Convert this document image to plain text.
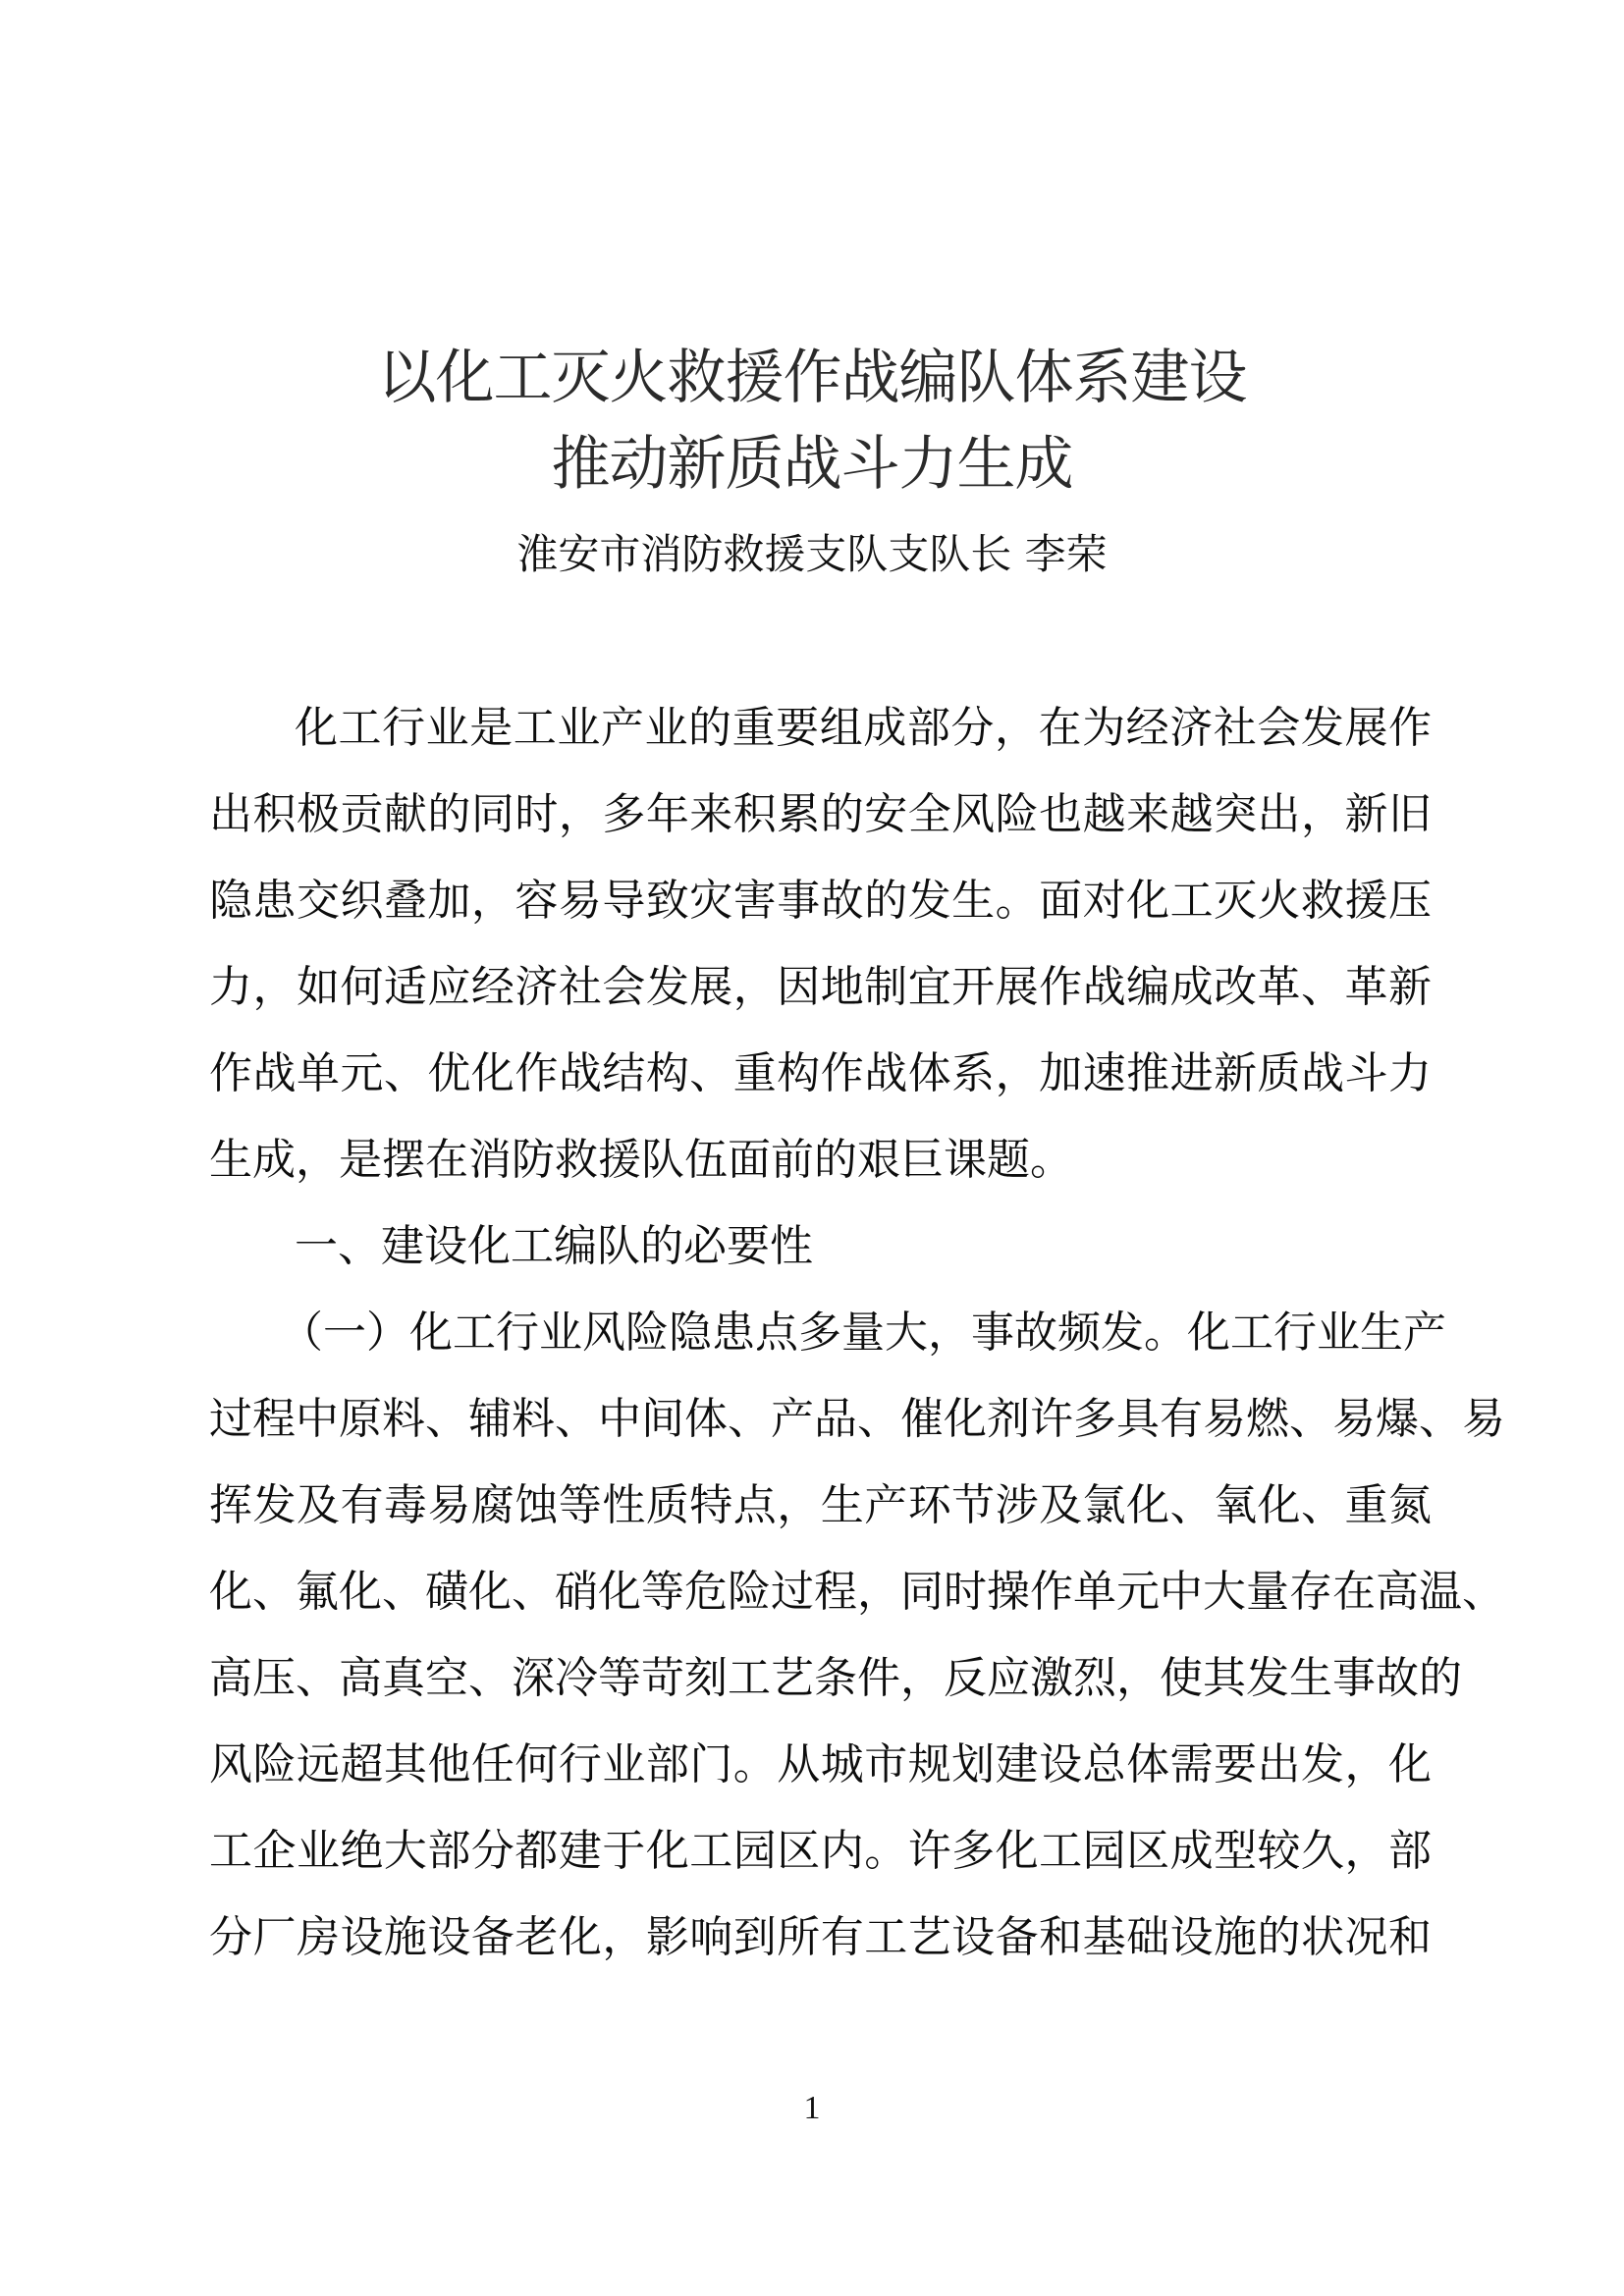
以化工灭火救援作战编队体系建设
推动新质战斗力生成
淮安市消防救援支队支队长 李荣
化工行业是工业产业的重要组成部分，在为经济社会发展作
出积极贡献的同时，多年来积累的安全风险也越来越突出，新旧
隐患交织叠加，容易导致灾害事故的发生。面对化工灭火救援压
力，如何适应经济社会发展，因地制宜开展作战编成改革、革新
作战单元、优化作战结构、重构作战体系，加速推进新质战斗力
生成，是摆在消防救援队伍面前的艰巨课题。
一、建设化工编队的必要性
（一）化工行业风险隐患点多量大，事故频发。化工行业生产
过程中原料、辅料、中间体、产品、催化剂许多具有易燃、易爆、易
挥发及有毒易腐蚀等性质特点，生产环节涉及氯化、氧化、重氮
化、氟化、磺化、硝化等危险过程，同时操作单元中大量存在高温、
高压、高真空、深冷等苛刻工艺条件，反应激烈，使其发生事故的
风险远超其他任何行业部门。从城市规划建设总体需要出发，化
工企业绝大部分都建于化工园区内。许多化工园区成型较久，部
分厂房设施设备老化，影响到所有工艺设备和基础设施的状况和
1
